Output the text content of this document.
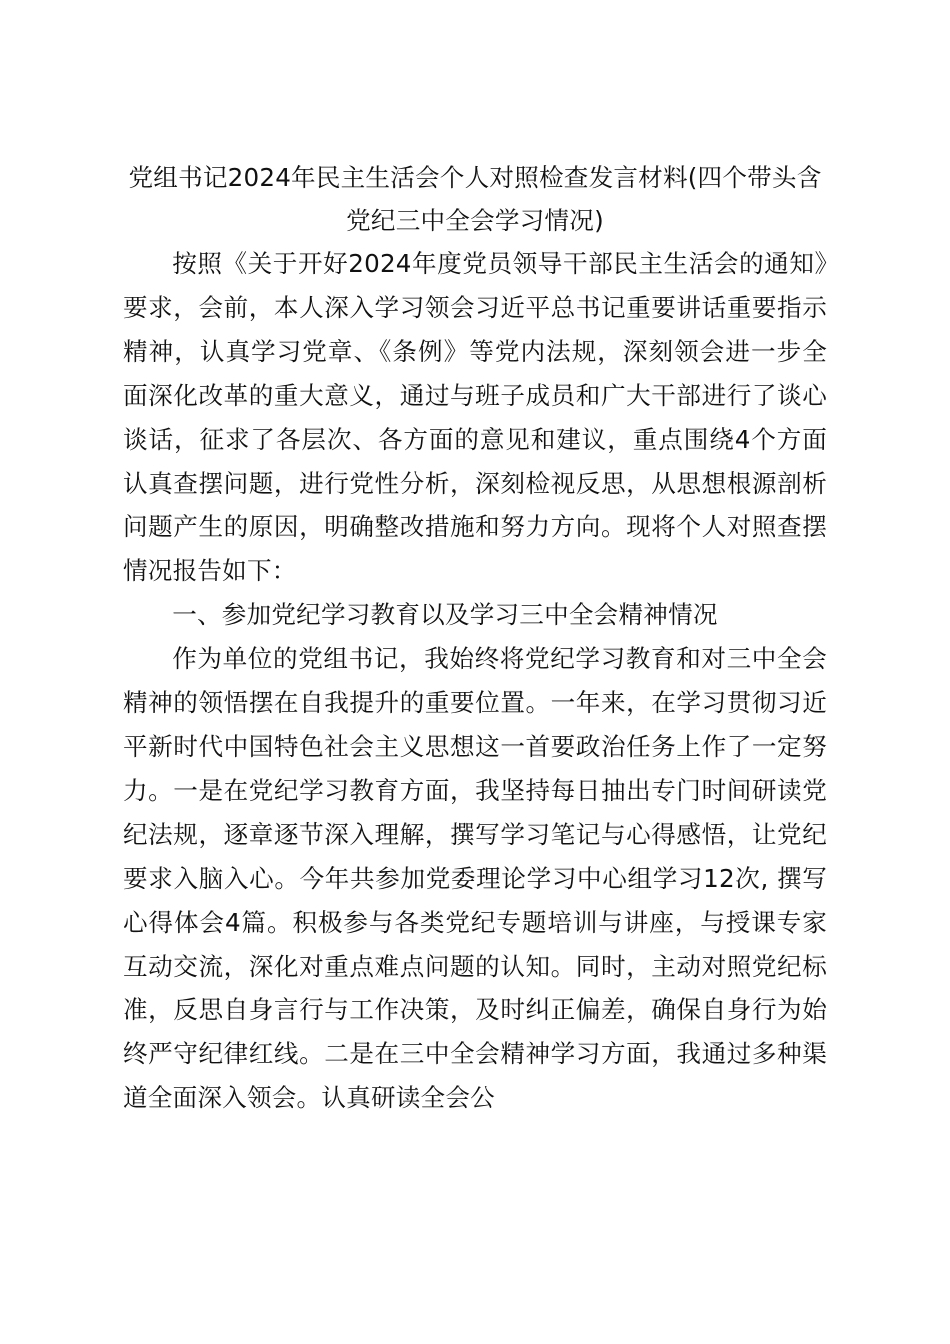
党组书记2024年民主生活会个人对照检查发言材料(四个带头含党纪三中全会学习情况)

按照《关于开好2024年度党员领导干部民主生活会的通知》要求，会前，本人深入学习领会习近平总书记重要讲话重要指示精神，认真学习党章、《条例》等党内法规，深刻领会进一步全面深化改革的重大意义，通过与班子成员和广大干部进行了谈心谈话，征求了各层次、各方面的意见和建议，重点围绕4个方面认真查摆问题，进行党性分析，深刻检视反思，从思想根源剖析问题产生的原因，明确整改措施和努力方向。现将个人对照查摆情况报告如下：

一、参加党纪学习教育以及学习三中全会精神情况

作为单位的党组书记，我始终将党纪学习教育和对三中全会精神的领悟摆在自我提升的重要位置。一年来，在学习贯彻习近平新时代中国特色社会主义思想这一首要政治任务上作了一定努力。一是在党纪学习教育方面，我坚持每日抽出专门时间研读党纪法规，逐章逐节深入理解，撰写学习笔记与心得感悟，让党纪要求入脑入心。今年共参加党委理论学习中心组学习12次, 撰写心得体会4篇。积极参与各类党纪专题培训与讲座，与授课专家互动交流，深化对重点难点问题的认知。同时，主动对照党纪标准，反思自身言行与工作决策，及时纠正偏差，确保自身行为始终严守纪律红线。二是在三中全会精神学习方面，我通过多种渠道全面深入领会。认真研读全会公
